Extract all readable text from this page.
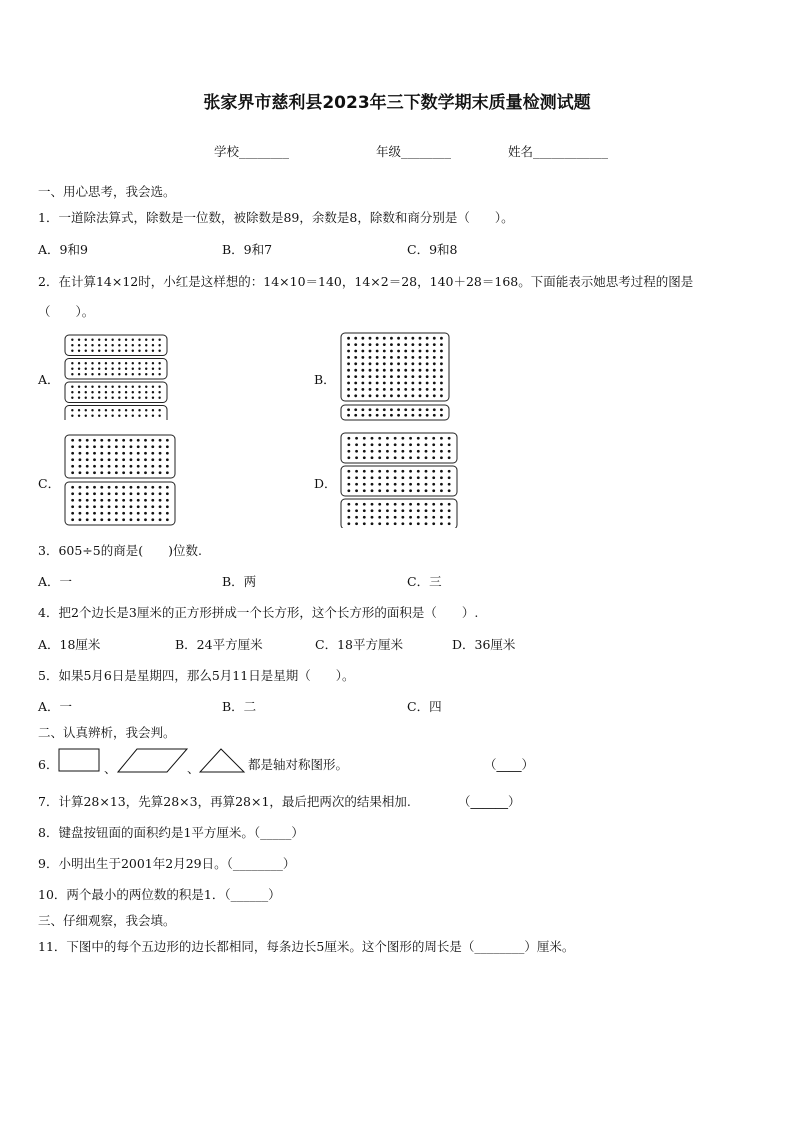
张家界市慈利县2023年三下数学期末质量检测试题
学校________	年级________	姓名____________
一、用心思考，我会选。
1．一道除法算式，除数是一位数，被除数是89，余数是8，除数和商分别是（　　）。
A．9和9	B．9和7	C．9和8
2．在计算14×12时，小红是这样想的：14×10＝140，14×2＝28，140＋28＝168。下面能表示她思考过程的图是
（　　）。
A．	B．
C．	D．
3．605÷5的商是(　　)位数.
A．一	B．两	C．三
4．把2个边长是3厘米的正方形拼成一个长方形，这个长方形的面积是（　　）.
A．18厘米	B．24平方厘米	C．18平方厘米	D．36厘米
5．如果5月6日是星期四，那么5月11日是星期（　　）。
A．一	B．二	C．四
二、认真辨析，我会判。
6．	、	、	都是轴对称图形。	（____）
7．计算28×13，先算28×3，再算28×1，最后把两次的结果相加.	（______）
8．键盘按钮面的面积约是1平方厘米。（_____）
9．小明出生于2001年2月29日。（________）
10．两个最小的两位数的积是1．（______）
三、仔细观察，我会填。
11．下图中的每个五边形的边长都相同，每条边长5厘米。这个图形的周长是（________）厘米。
